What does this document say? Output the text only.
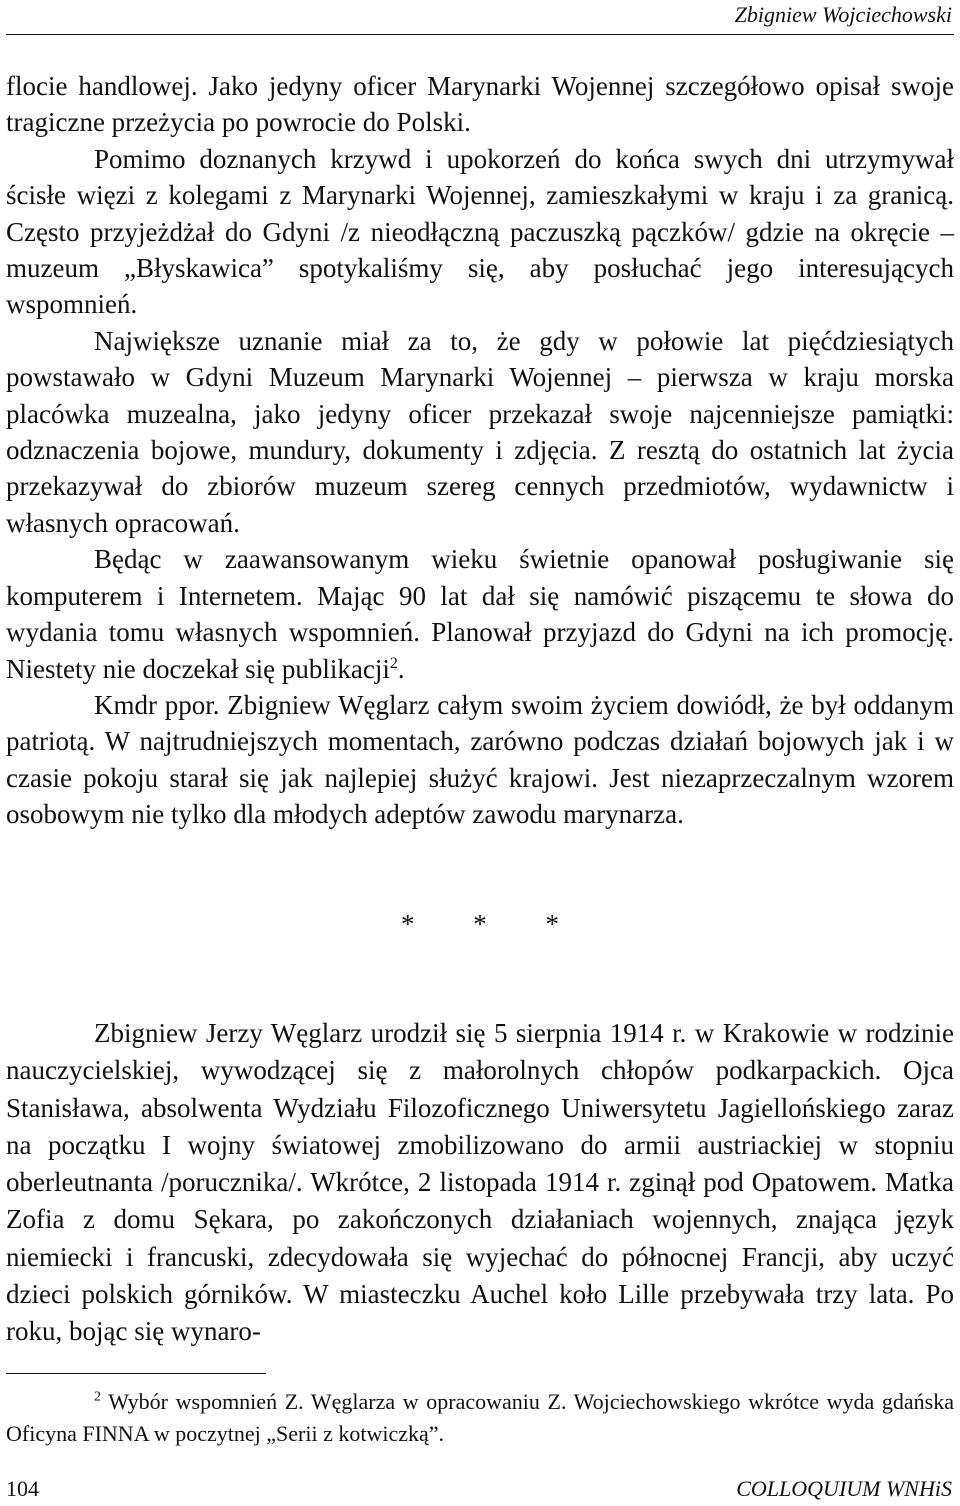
Zbigniew Wojciechowski

flocie handlowej. Jako jedyny oficer Marynarki Wojennej szczegółowo opisał swoje tragiczne przeżycia po powrocie do Polski.

Pomimo doznanych krzywd i upokorzeń do końca swych dni utrzymywał ścisłe więzi z kolegami z Marynarki Wojennej, zamieszkałymi w kraju i za granicą. Często przyjeżdżał do Gdyni /z nieodłączną paczuszką pączków/ gdzie na okręcie – muzeum „Błyskawica” spotykaliśmy się, aby posłuchać jego interesujących wspomnień.

Największe uznanie miał za to, że gdy w połowie lat pięćdziesiątych powstawało w Gdyni Muzeum Marynarki Wojennej – pierwsza w kraju morska placówka muzealna, jako jedyny oficer przekazał swoje najcenniejsze pamiątki: odznaczenia bojowe, mundury, dokumenty i zdjęcia. Z resztą do ostatnich lat życia przekazywał do zbiorów muzeum szereg cennych przedmiotów, wydawnictw i własnych opracowań.

Będąc w zaawansowanym wieku świetnie opanował posługiwanie się komputerem i Internetem. Mając 90 lat dał się namówić piszącemu te słowa do wydania tomu własnych wspomnień. Planował przyjazd do Gdyni na ich promocję. Niestety nie doczekał się publikacji$^2$.

Kmdr ppor. Zbigniew Węglarz całym swoim życiem dowiódł, że był oddanym patriotą. W najtrudniejszych momentach, zarówno podczas działań bojowych jak i w czasie pokoju starał się jak najlepiej służyć krajowi. Jest niezaprzeczalnym wzorem osobowym nie tylko dla młodych adeptów zawodu marynarza.

* * *

Zbigniew Jerzy Węglarz urodził się 5 sierpnia 1914 r. w Krakowie w rodzinie nauczycielskiej, wywodzącej się z małorolnych chłopów podkarpackich. Ojca Stanisława, absolwenta Wydziału Filozoficznego Uniwersytetu Jagiellońskiego zaraz na początku I wojny światowej zmobilizowano do armii austriackiej w stopniu oberleutnanta /porucznika/. Wkrótce, 2 listopada 1914 r. zginął pod Opatowem. Matka Zofia z domu Sękara, po zakończonych działaniach wojennych, znająca język niemiecki i francuski, zdecydowała się wyjechać do północnej Francji, aby uczyć dzieci polskich górników. W miasteczku Auchel koło Lille przebywała trzy lata. Po roku, bojąc się wynaro-

$^2$ Wybór wspomnień Z. Węglarza w opracowaniu Z. Wojciechowskiego wkrótce wyda gdańska Oficyna FINNA w poczytnej „Serii z kotwiczką”.

104	COLLOQUIUM WNHiS
